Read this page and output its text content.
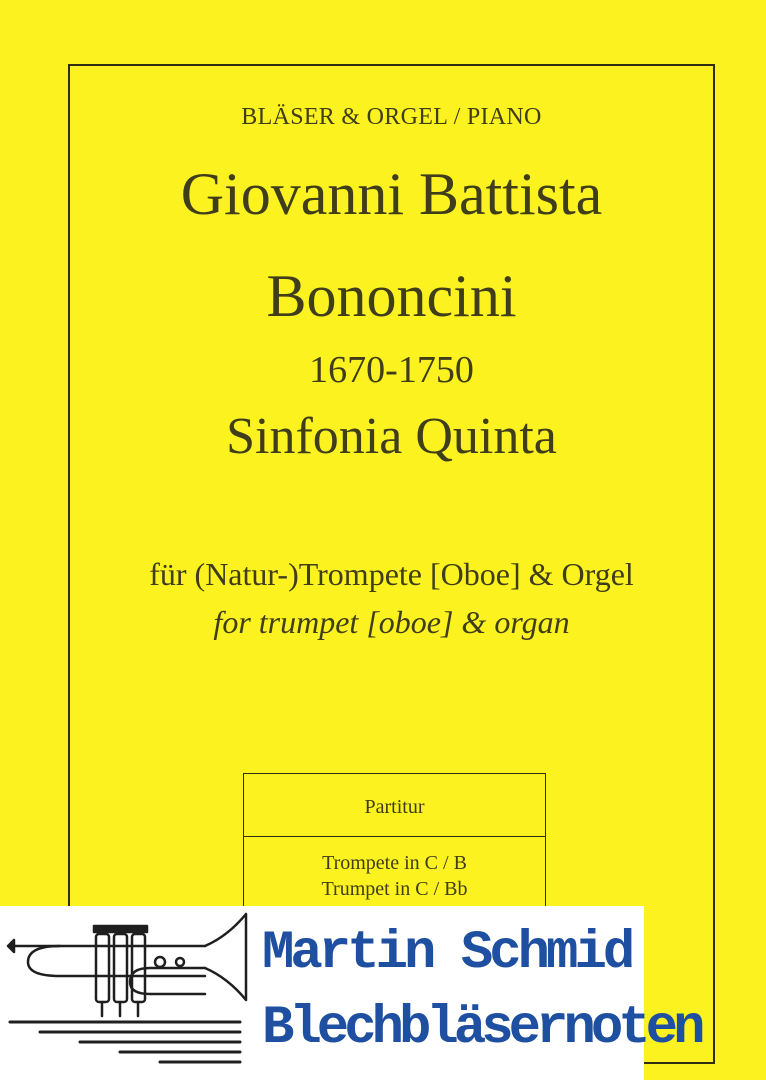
BLÄSER & ORGEL / PIANO
Giovanni Battista
Bononcini
1670-1750
Sinfonia Quinta
für (Natur-)Trompete [Oboe] & Orgel
for trumpet [oboe] & organ
Partitur
Trompete in C / B
Trumpet in C / Bb
Martin Schmid
Blechbläsernoten
